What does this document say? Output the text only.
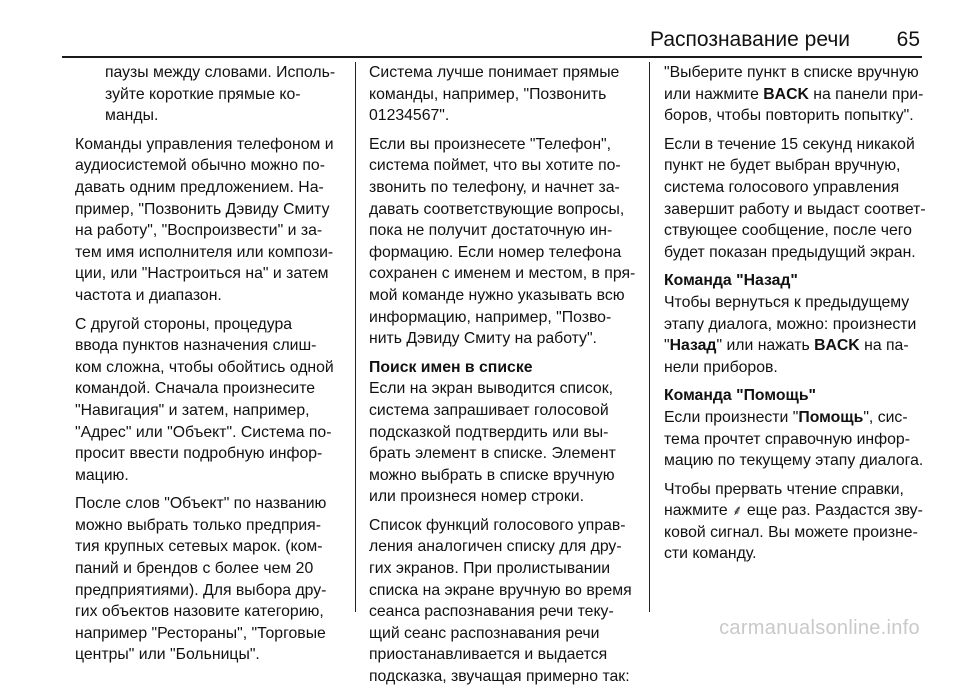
Распознавание речи 65
паузы между словами. Исполь-
зуйте короткие прямые ко-
манды.
Команды управления телефоном и
аудиосистемой обычно можно по-
давать одним предложением. На-
пример, "Позвонить Дэвиду Смиту
на работу", "Воспроизвести" и за-
тем имя исполнителя или компози-
ции, или "Настроиться на" и затем
частота и диапазон.
С другой стороны, процедура
ввода пунктов назначения слиш-
ком сложна, чтобы обойтись одной
командой. Сначала произнесите
"Навигация" и затем, например,
"Адрес" или "Объект". Система по-
просит ввести подробную инфор-
мацию.
После слов "Объект" по названию
можно выбрать только предприя-
тия крупных сетевых марок. (ком-
паний и брендов с более чем 20
предприятиями). Для выбора дру-
гих объектов назовите категорию,
например "Рестораны", "Торговые
центры" или "Больницы".
Система лучше понимает прямые
команды, например, "Позвонить
01234567".
Если вы произнесете "Телефон",
система поймет, что вы хотите по-
звонить по телефону, и начнет за-
давать соответствующие вопросы,
пока не получит достаточную ин-
формацию. Если номер телефона
сохранен с именем и местом, в пря-
мой команде нужно указывать всю
информацию, например, "Позво-
нить Дэвиду Смиту на работу".
Поиск имен в списке
Если на экран выводится список,
система запрашивает голосовой
подсказкой подтвердить или вы-
брать элемент в списке. Элемент
можно выбрать в списке вручную
или произнеся номер строки.
Список функций голосового управ-
ления аналогичен списку для дру-
гих экранов. При пролистывании
списка на экране вручную во время
сеанса распознавания речи теку-
щий сеанс распознавания речи
приостанавливается и выдается
подсказка, звучащая примерно так:
"Выберите пункт в списке вручную
или нажмите BACK на панели при-
боров, чтобы повторить попытку".
Если в течение 15 секунд никакой
пункт не будет выбран вручную,
система голосового управления
завершит работу и выдаст соответ-
ствующее сообщение, после чего
будет показан предыдущий экран.
Команда "Назад"
Чтобы вернуться к предыдущему
этапу диалога, можно: произнести
"Назад" или нажать BACK на па-
нели приборов.
Команда "Помощь"
Если произнести "Помощь", сис-
тема прочтет справочную инфор-
мацию по текущему этапу диалога.
Чтобы прервать чтение справки,
нажмите ⸙ еще раз. Раздастся зву-
ковой сигнал. Вы можете произне-
сти команду.
carmanualsonline.info
